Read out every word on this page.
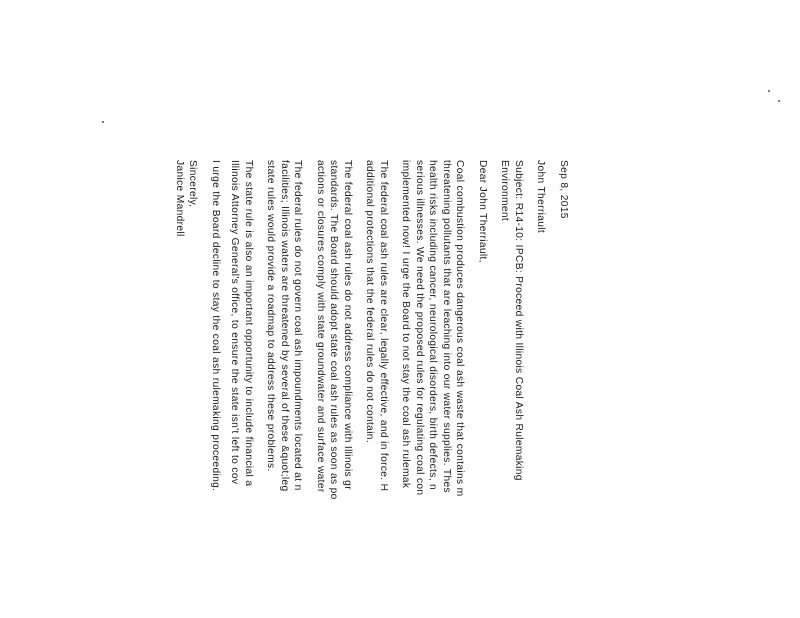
Sep 8, 2015
John Therriault
Subject: R14-10: IPCB: Proceed with Illinois Coal Ash Rulemaking
Environment
Dear John Therriault,
Coal combustion produces dangerous coal ash waste that contains m
threatening pollutants that are leaching into our water supplies. Thes
health risks including cancer, neurological disorders, birth defects, n
serious illnesses. We need the proposed rules for regulating coal con
implemented now! I urge the Board to not stay the coal ash rulemak
The federal coal ash rules are clear, legally effective, and in force. H
additional protections that the federal rules do not contain.
The federal coal ash rules do not address compliance with Illinois gr
standards. The Board should adopt state coal ash rules as soon as po
actions or closures comply with state groundwater and surface water
The federal rules do not govern coal ash impoundments located at n
facilities; Illinois waters are threatened by several of these &quot;leg
state rules would provide a roadmap to address these problems.
The state rule is also an important opportunity to include financial a
Illinois Attorney General's office, to ensure the state isn't left to cov
I urge the Board decline to stay the coal ash rulemaking proceeding.
Sincerely,
Janice Mandrell
